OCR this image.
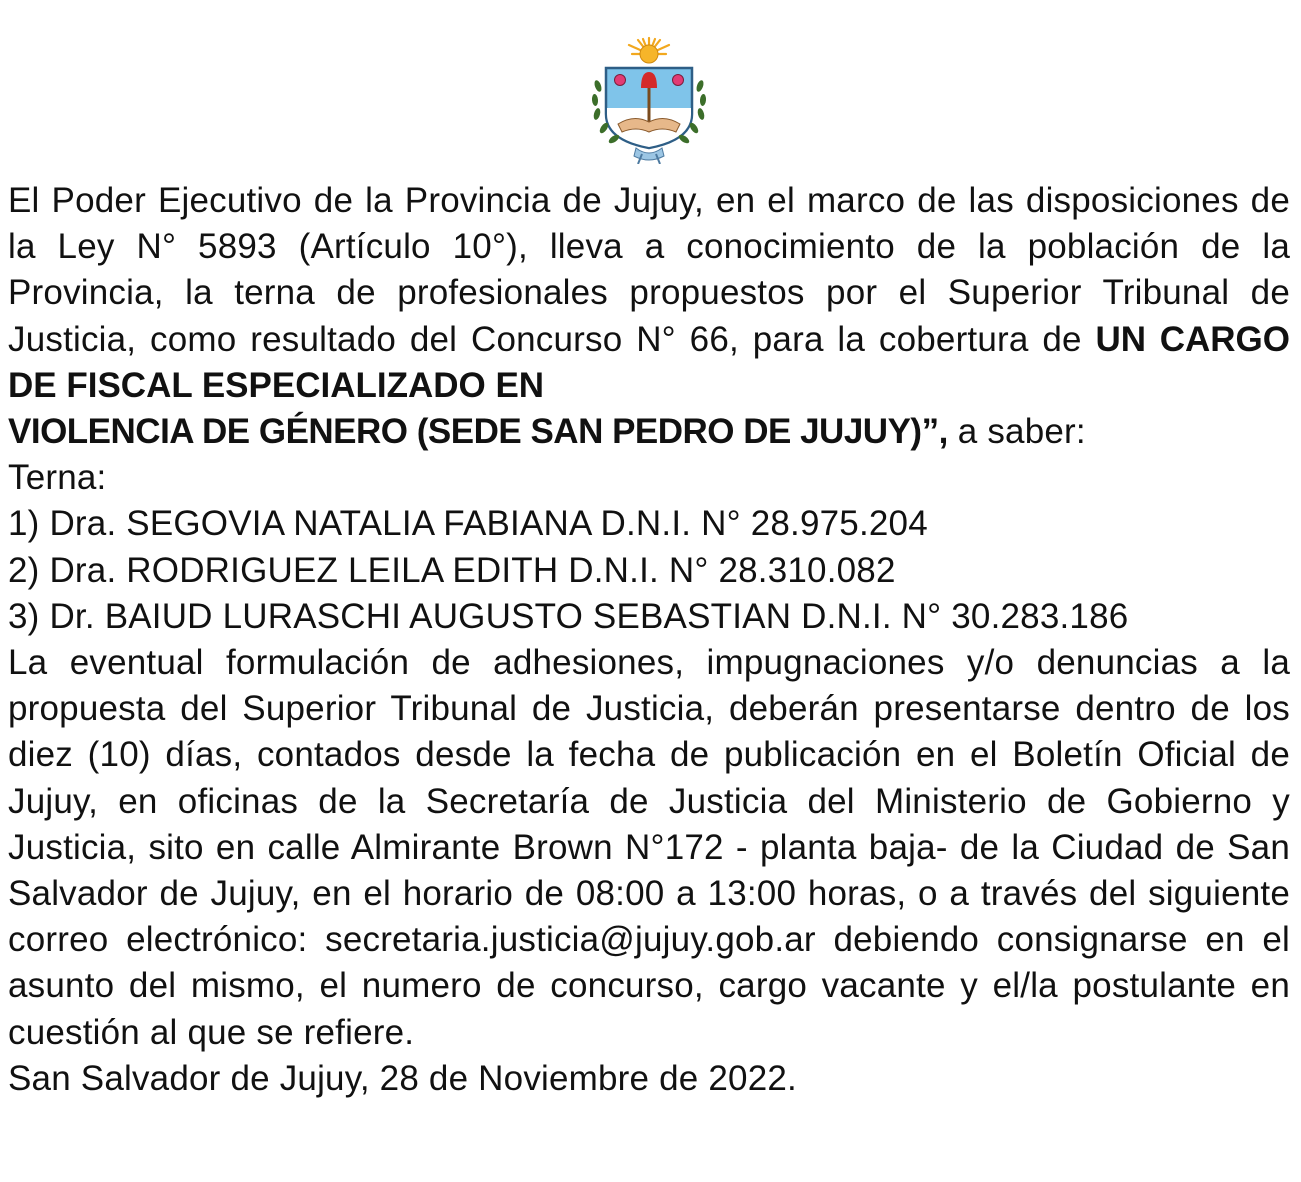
El Poder Ejecutivo de la Provincia de Jujuy, en el marco de las disposiciones de la Ley N° 5893 (Artículo 10°), lleva a conocimiento de la población de la Provincia, la terna de profesionales propuestos por el Superior Tribunal de Justicia, como resultado del Concurso N° 66, para la cobertura de UN CARGO DE FISCAL ESPECIALIZADO EN
VIOLENCIA DE GÉNERO (SEDE SAN PEDRO DE JUJUY)”, a saber:

Terna:

1) Dra. SEGOVIA NATALIA FABIANA D.N.I. N° 28.975.204

2) Dra. RODRIGUEZ LEILA EDITH D.N.I. N° 28.310.082

3) Dr. BAIUD LURASCHI AUGUSTO SEBASTIAN D.N.I. N° 30.283.186

La eventual formulación de adhesiones, impugnaciones y/o denuncias a la propuesta del Superior Tribunal de Justicia, deberán presentarse dentro de los diez (10) días, contados desde la fecha de publicación en el Boletín Oficial de Jujuy, en oficinas de la Secretaría de Justicia del Ministerio de Gobierno y Justicia, sito en calle Almirante Brown N°172 - planta baja- de la Ciudad de San Salvador de Jujuy, en el horario de 08:00 a 13:00 horas, o a través del siguiente correo electrónico: secretaria.justicia@jujuy.gob.ar debiendo consignarse en el asunto del mismo, el numero de concurso, cargo vacante y el/la postulante en cuestión al que se refiere.

San Salvador de Jujuy, 28 de Noviembre de 2022.
